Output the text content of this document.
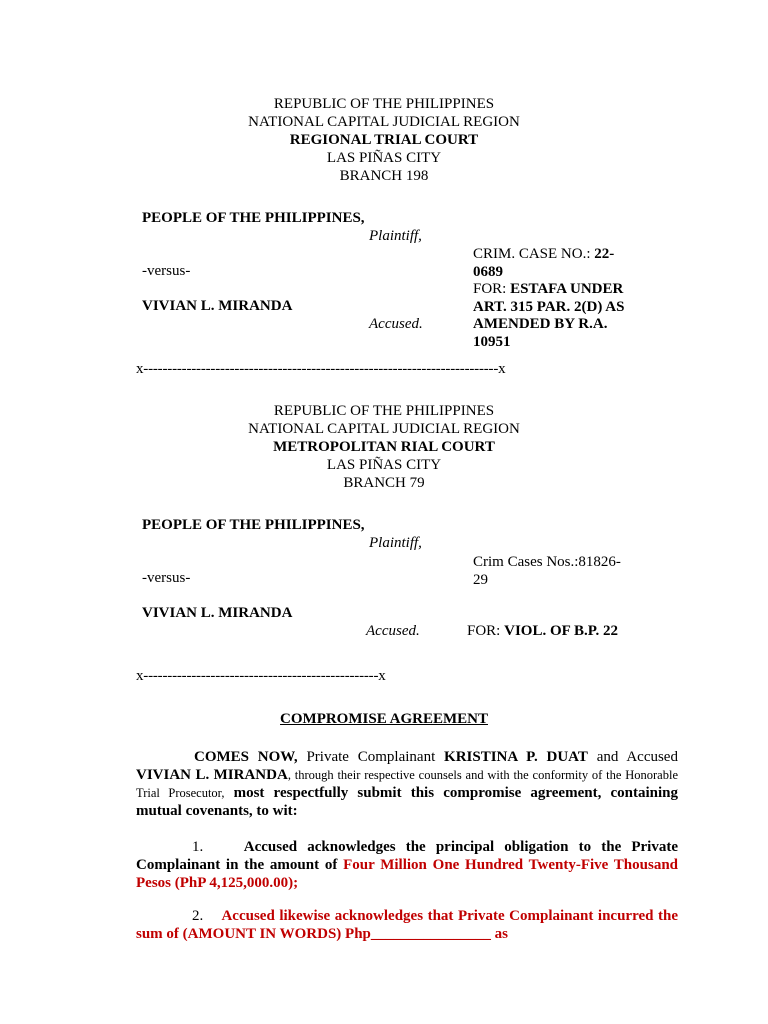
REPUBLIC OF THE PHILIPPINES
NATIONAL CAPITAL JUDICIAL REGION
REGIONAL TRIAL COURT
LAS PIÑAS CITY
BRANCH 198
PEOPLE OF THE PHILIPPINES,
Plaintiff,
-versus-
VIVIAN L. MIRANDA
Accused.
CRIM. CASE NO.: 22-
0689
FOR: ESTAFA UNDER
ART. 315 PAR. 2(D) AS
AMENDED BY R.A.
10951
x--------------------------------------------------------------------------x
REPUBLIC OF THE PHILIPPINES
NATIONAL CAPITAL JUDICIAL REGION
METROPOLITAN RIAL COURT
LAS PIÑAS CITY
BRANCH 79
PEOPLE OF THE PHILIPPINES,
Plaintiff,
-versus-
VIVIAN L. MIRANDA
Accused.
Crim Cases Nos.:81826-
29
FOR: VIOL. OF B.P. 22
x-------------------------------------------------x
COMPROMISE AGREEMENT
COMES NOW, Private Complainant KRISTINA P. DUAT and Accused VIVIAN L. MIRANDA, through their respective counsels and with the conformity of the Honorable Trial Prosecutor, most respectfully submit this compromise agreement, containing mutual covenants, to wit:
1.	Accused acknowledges the principal obligation to the Private Complainant in the amount of Four Million One Hundred Twenty-Five Thousand Pesos (PhP 4,125,000.00);
2. Accused likewise acknowledges that Private Complainant incurred the sum of (AMOUNT IN WORDS) Php________________ as
